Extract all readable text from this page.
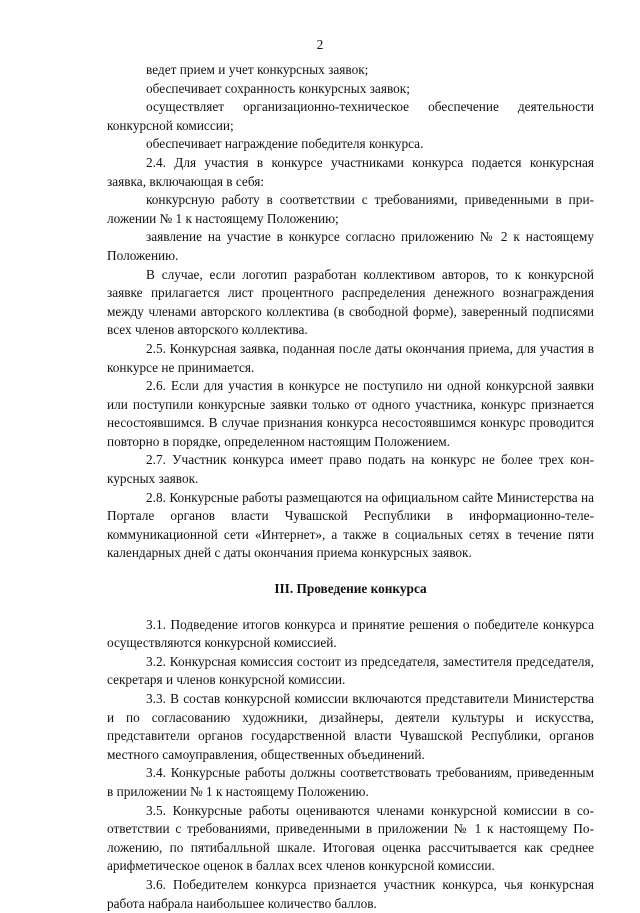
2

ведет прием и учет конкурсных заявок;

обеспечивает сохранность конкурсных заявок;

осуществляет организационно-техническое обеспечение деятельности конкурсной комиссии;

обеспечивает награждение победителя конкурса.

2.4. Для участия в конкурсе участниками конкурса подается конкурсная заявка, включающая в себя:

конкурсную работу в соответствии с требованиями, приведенными в приложении № 1 к настоящему Положению;

заявление на участие в конкурсе согласно приложению № 2 к настоящему Положению.

В случае, если логотип разработан коллективом авторов, то к конкурсной заявке прилагается лист процентного распределения денежного вознаграждения между членами авторского коллектива (в свободной форме), заверенный подписями всех членов авторского коллектива.

2.5. Конкурсная заявка, поданная после даты окончания приема, для участия в конкурсе не принимается.

2.6. Если для участия в конкурсе не поступило ни одной конкурсной заявки или поступили конкурсные заявки только от одного участника, конкурс признается несостоявшимся. В случае признания конкурса несостоявшимся конкурс проводится повторно в порядке, определенном настоящим Положением.

2.7. Участник конкурса имеет право подать на конкурс не более трех конкурсных заявок.

2.8. Конкурсные работы размещаются на официальном сайте Министерства на Портале органов власти Чувашской Республики в информационно-телекоммуникационной сети «Интернет», а также в социальных сетях в течение пяти календарных дней с даты окончания приема конкурсных заявок.

III. Проведение конкурса

3.1. Подведение итогов конкурса и принятие решения о победителе конкурса осуществляются конкурсной комиссией.

3.2. Конкурсная комиссия состоит из председателя, заместителя председателя, секретаря и членов конкурсной комиссии.

3.3. В состав конкурсной комиссии включаются представители Министерства и по согласованию художники, дизайнеры, деятели культуры и искусства, представители органов государственной власти Чувашской Республики, органов местного самоуправления, общественных объединений.

3.4. Конкурсные работы должны соответствовать требованиям, приведенным в приложении № 1 к настоящему Положению.

3.5. Конкурсные работы оцениваются членами конкурсной комиссии в соответствии с требованиями, приведенными в приложении № 1 к настоящему Положению, по пятибалльной шкале. Итоговая оценка рассчитывается как среднее арифметическое оценок в баллах всех членов конкурсной комиссии.

3.6. Победителем конкурса признается участник конкурса, чья конкурсная работа набрала наибольшее количество баллов.
